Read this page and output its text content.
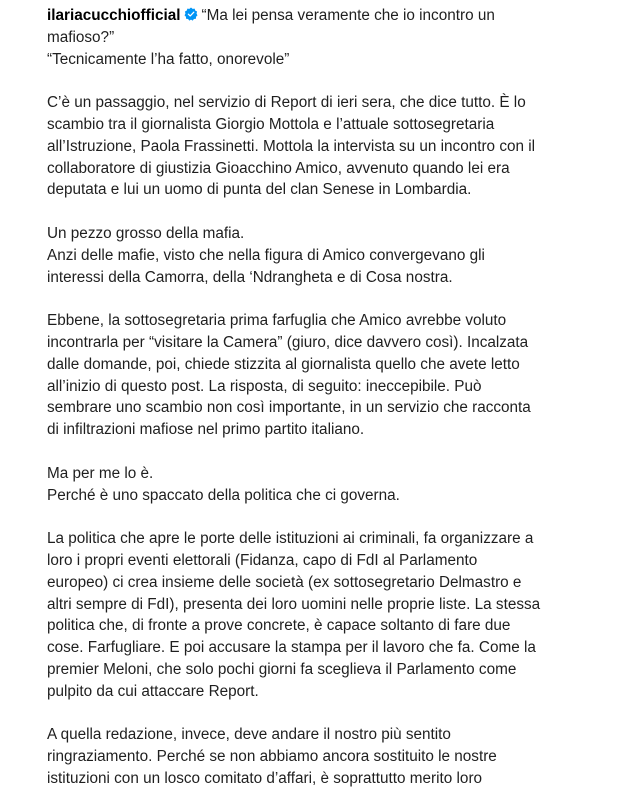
ilariacucchiofficial “Ma lei pensa veramente che io incontro un
mafioso?”
“Tecnicamente l’ha fatto, onorevole”

C’è un passaggio, nel servizio di Report di ieri sera, che dice tutto. È lo
scambio tra il giornalista Giorgio Mottola e l’attuale sottosegretaria
all’Istruzione, Paola Frassinetti. Mottola la intervista su un incontro con il
collaboratore di giustizia Gioacchino Amico, avvenuto quando lei era
deputata e lui un uomo di punta del clan Senese in Lombardia.

Un pezzo grosso della mafia.
Anzi delle mafie, visto che nella figura di Amico convergevano gli
interessi della Camorra, della ‘Ndrangheta e di Cosa nostra.

Ebbene, la sottosegretaria prima farfuglia che Amico avrebbe voluto
incontrarla per “visitare la Camera” (giuro, dice davvero così). Incalzata
dalle domande, poi, chiede stizzita al giornalista quello che avete letto
all’inizio di questo post. La risposta, di seguito: ineccepibile. Può
sembrare uno scambio non così importante, in un servizio che racconta
di infiltrazioni mafiose nel primo partito italiano.

Ma per me lo è.
Perché è uno spaccato della politica che ci governa.

La politica che apre le porte delle istituzioni ai criminali, fa organizzare a
loro i propri eventi elettorali (Fidanza, capo di FdI al Parlamento
europeo) ci crea insieme delle società (ex sottosegretario Delmastro e
altri sempre di FdI), presenta dei loro uomini nelle proprie liste. La stessa
politica che, di fronte a prove concrete, è capace soltanto di fare due
cose. Farfugliare. E poi accusare la stampa per il lavoro che fa. Come la
premier Meloni, che solo pochi giorni fa sceglieva il Parlamento come
pulpito da cui attaccare Report.

A quella redazione, invece, deve andare il nostro più sentito
ringraziamento. Perché se non abbiamo ancora sostituito le nostre
istituzioni con un losco comitato d’affari, è soprattutto merito loro
